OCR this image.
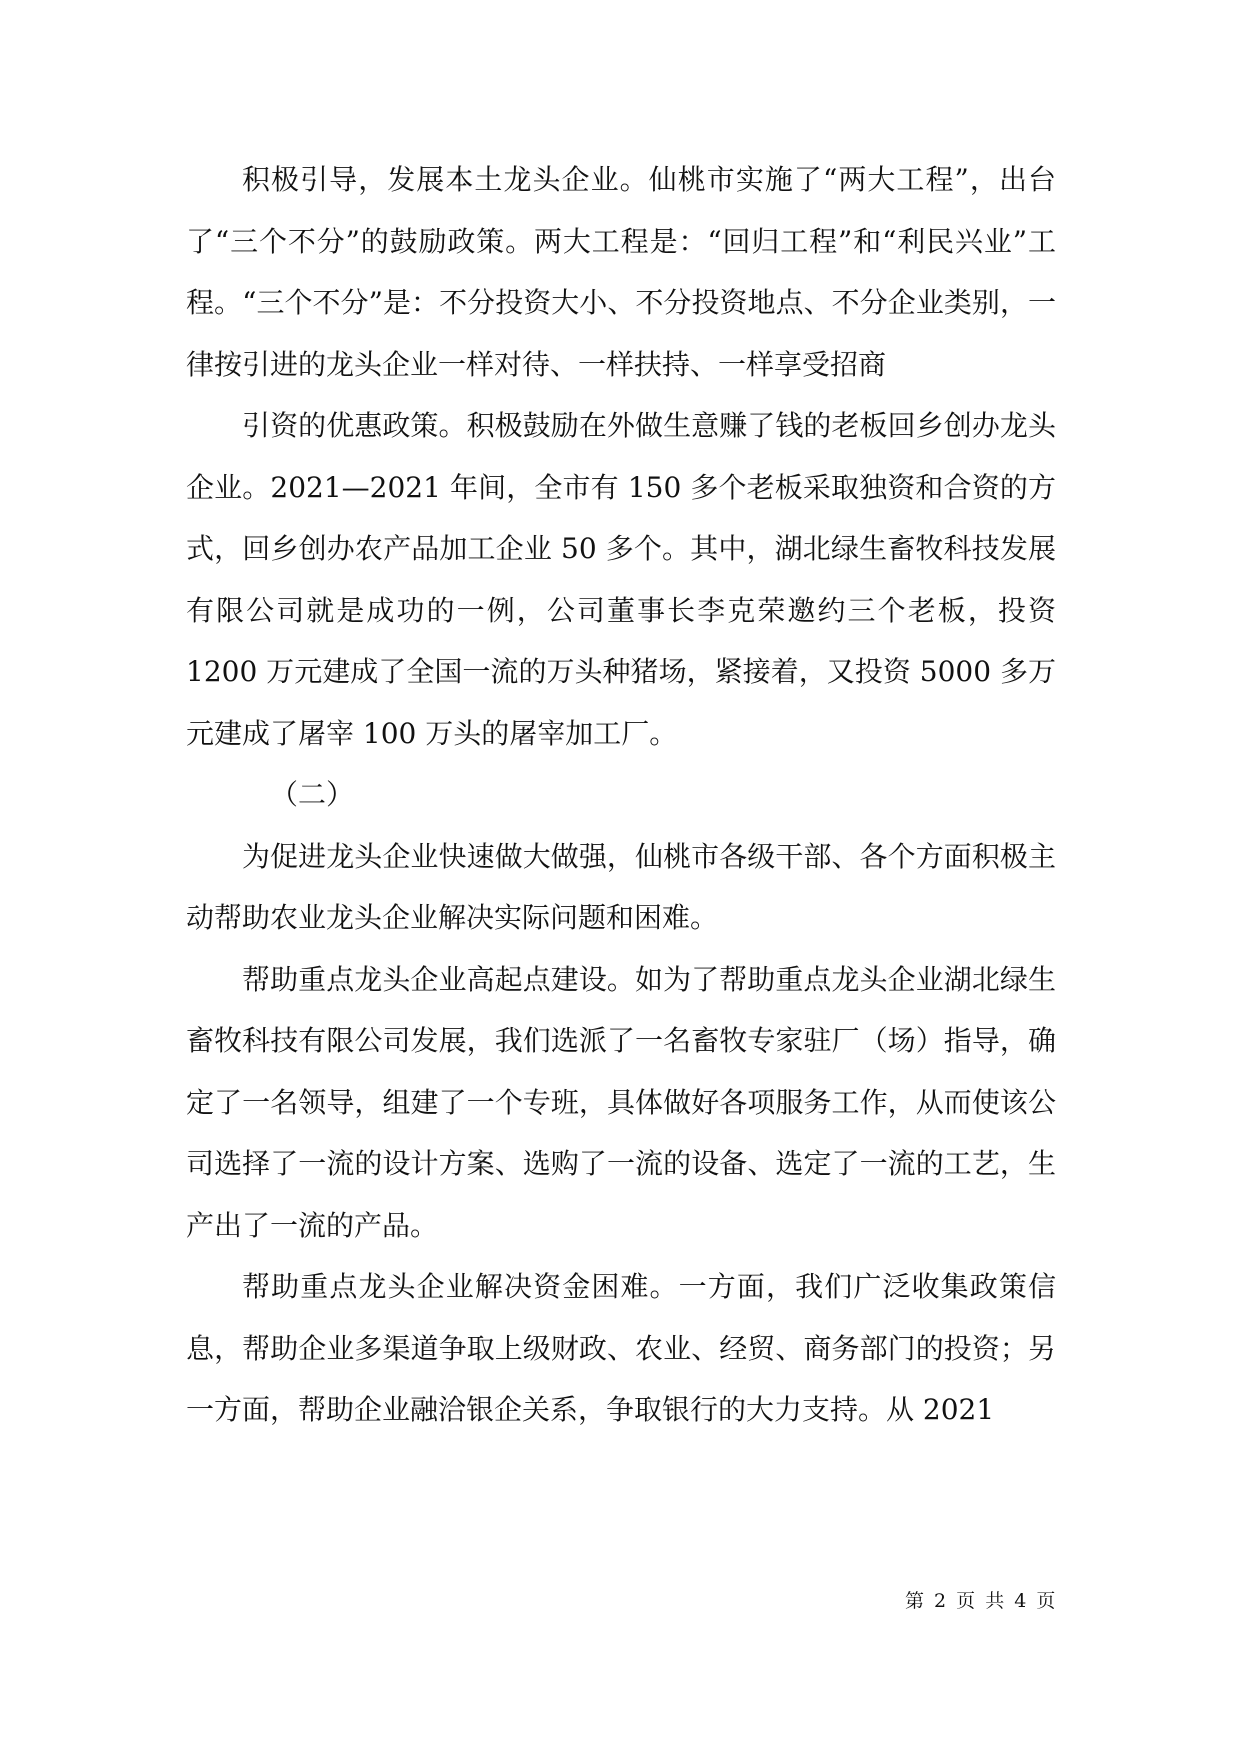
积极引导，发展本土龙头企业。仙桃市实施了“两大工程”，出台了“三个不分”的鼓励政策。两大工程是：“回归工程”和“利民兴业”工程。“三个不分”是：不分投资大小、不分投资地点、不分企业类别，一律按引进的龙头企业一样对待、一样扶持、一样享受招商

引资的优惠政策。积极鼓励在外做生意赚了钱的老板回乡创办龙头企业。2021—2021 年间，全市有 150 多个老板采取独资和合资的方式，回乡创办农产品加工企业 50 多个。其中，湖北绿生畜牧科技发展有限公司就是成功的一例，公司董事长李克荣邀约三个老板，投资 1200 万元建成了全国一流的万头种猪场，紧接着，又投资 5000 多万元建成了屠宰 100 万头的屠宰加工厂。

（二）

为促进龙头企业快速做大做强，仙桃市各级干部、各个方面积极主动帮助农业龙头企业解决实际问题和困难。

帮助重点龙头企业高起点建设。如为了帮助重点龙头企业湖北绿生畜牧科技有限公司发展，我们选派了一名畜牧专家驻厂（场）指导，确定了一名领导，组建了一个专班，具体做好各项服务工作，从而使该公司选择了一流的设计方案、选购了一流的设备、选定了一流的工艺，生产出了一流的产品。

帮助重点龙头企业解决资金困难。一方面，我们广泛收集政策信息，帮助企业多渠道争取上级财政、农业、经贸、商务部门的投资；另一方面，帮助企业融洽银企关系，争取银行的大力支持。从 2021

第 2 页 共 4 页
